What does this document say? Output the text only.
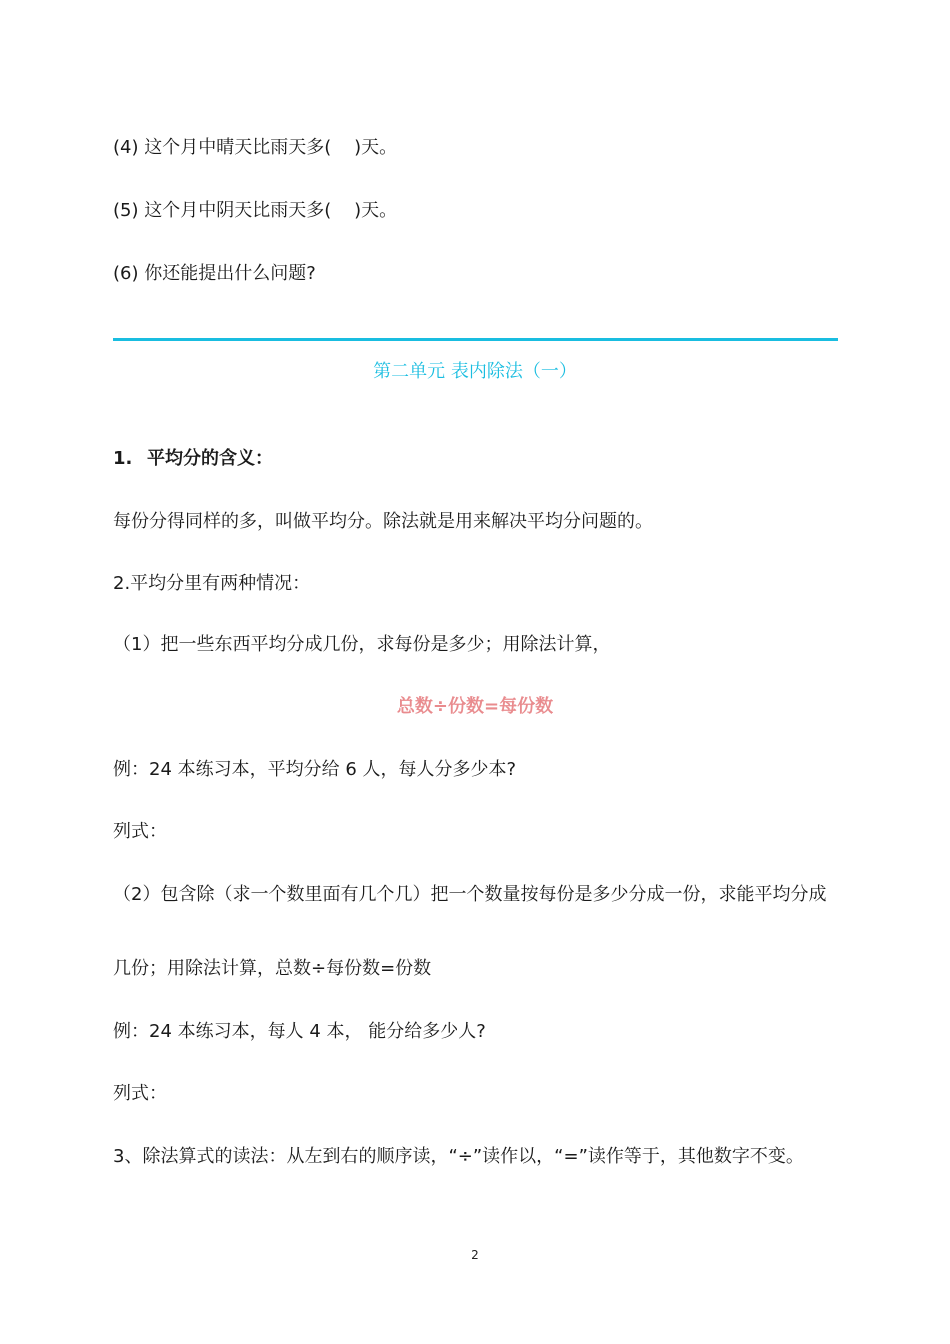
(4) 这个月中晴天比雨天多(    )天。
(5) 这个月中阴天比雨天多(    )天。
(6) 你还能提出什么问题?
第二单元 表内除法（一）
1. 平均分的含义：
每份分得同样的多，叫做平均分。除法就是用来解决平均分问题的。
2.平均分里有两种情况：
（1）把一些东西平均分成几份，求每份是多少；用除法计算，
总数÷份数=每份数
例：24 本练习本，平均分给 6 人，每人分多少本?
列式：
（2）包含除（求一个数里面有几个几）把一个数量按每份是多少分成一份，求能平均分成
几份；用除法计算，总数÷每份数=份数
例：24 本练习本，每人 4 本， 能分给多少人?
列式：
3、除法算式的读法：从左到右的顺序读，“÷”读作以，“=”读作等于，其他数字不变。
2
